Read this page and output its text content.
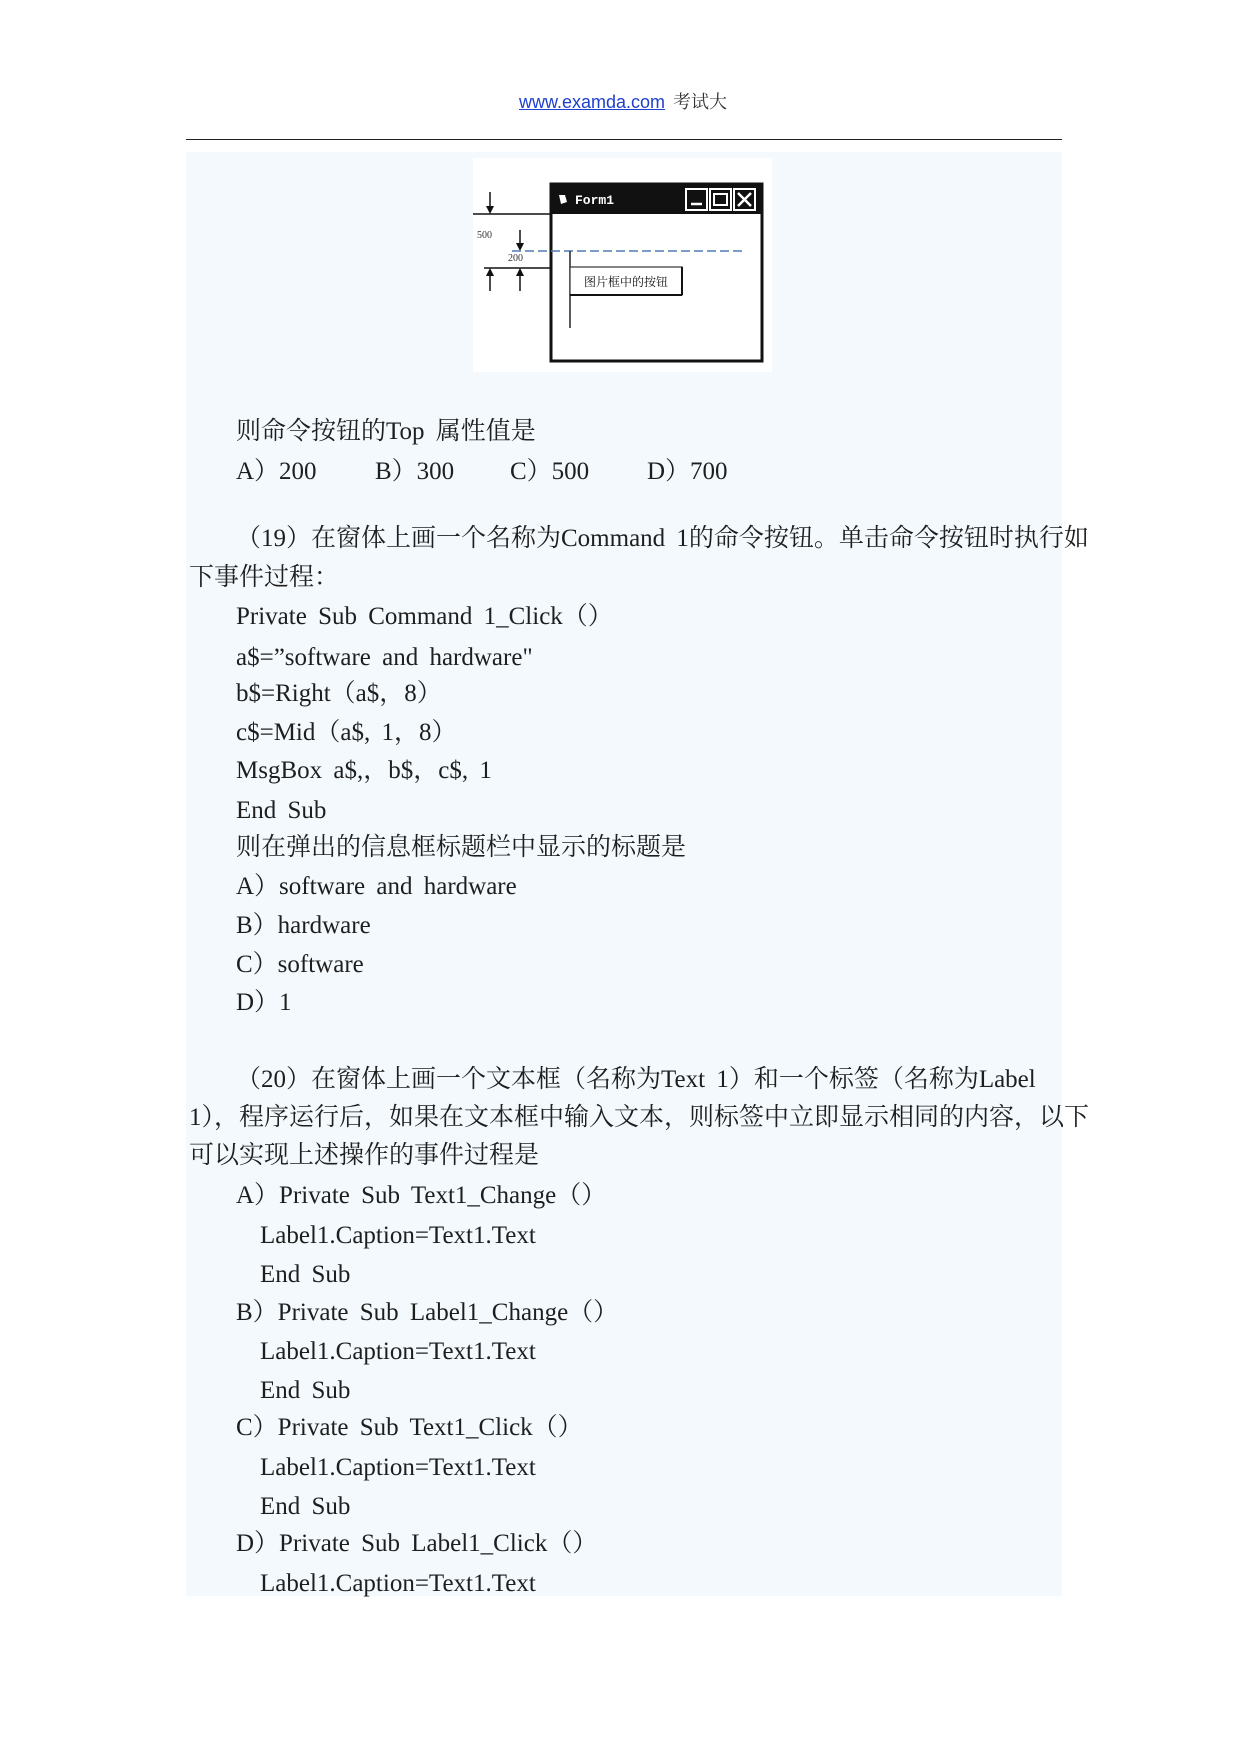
www.examda.com 考试大
500
200
Form1
图片框中的按钮
则命令按钮的Top 属性值是
A）200 B）300 C）500 D）700
（19）在窗体上画一个名称为Command 1的命令按钮。单击命令按钮时执行如
下事件过程：
Private Sub Command 1_Click（）
a$=”software and hardware"
b$=Right（a$，8）
c$=Mid（a$, 1，8）
MsgBox a$,，b$，c$, 1
End Sub
则在弹出的信息框标题栏中显示的标题是
A）software and hardware
B）hardware
C）software
D）1
（20）在窗体上画一个文本框（名称为Text 1）和一个标签（名称为Label
1），程序运行后，如果在文本框中输入文本，则标签中立即显示相同的内容，以下
可以实现上述操作的事件过程是
A）Private Sub Text1_Change（）
Label1.Caption=Text1.Text
End Sub
B）Private Sub Label1_Change（）
Label1.Caption=Text1.Text
End Sub
C）Private Sub Text1_Click（）
Label1.Caption=Text1.Text
End Sub
D）Private Sub Label1_Click（）
Label1.Caption=Text1.Text
